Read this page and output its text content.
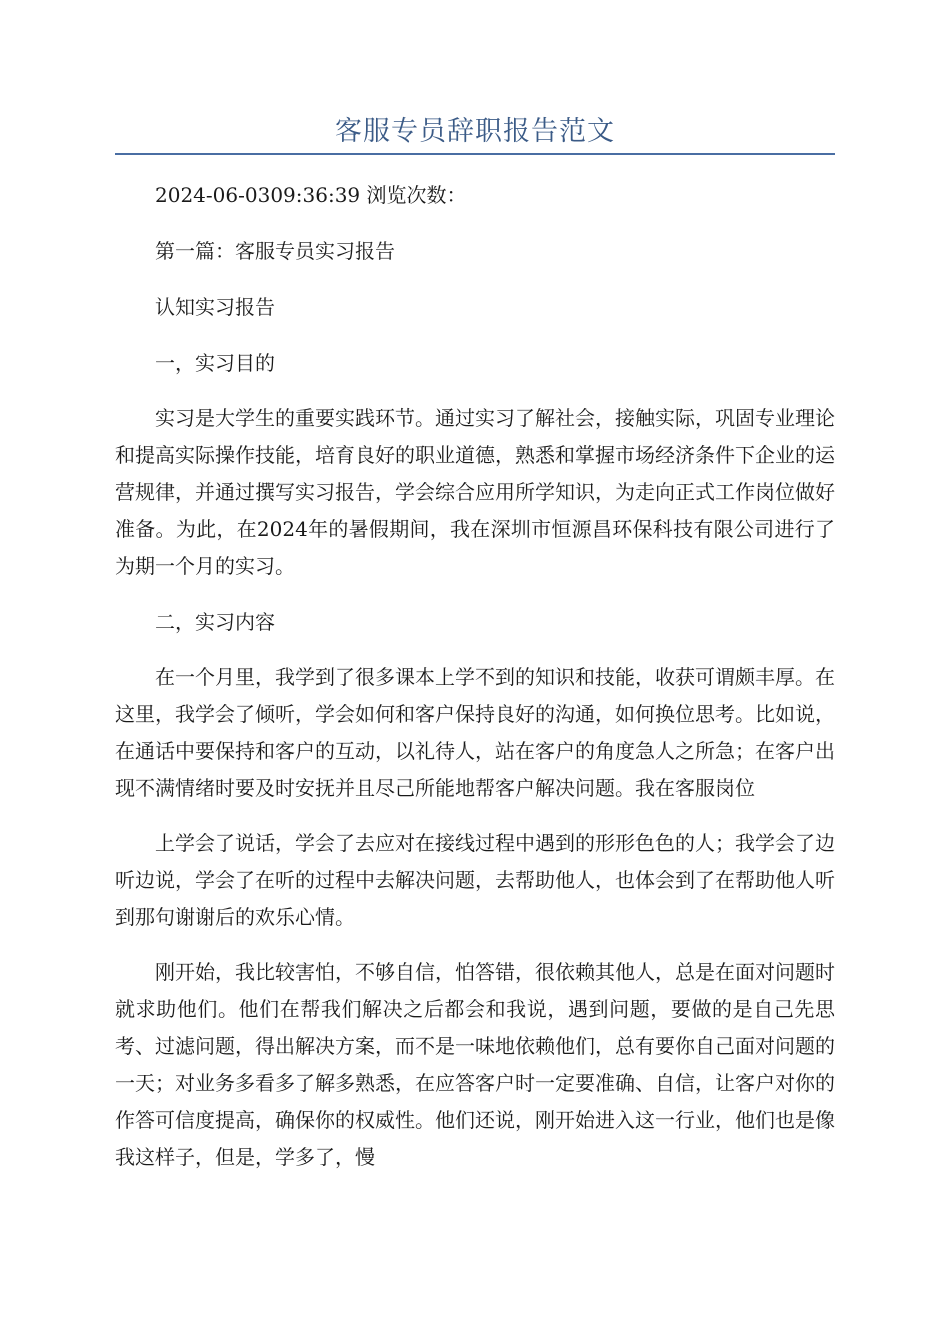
客服专员辞职报告范文

2024-06-0309:36:39 浏览次数：

第一篇：客服专员实习报告

认知实习报告

一，实习目的

实习是大学生的重要实践环节。通过实习了解社会，接触实际，巩固专业理论和提高实际操作技能，培育良好的职业道德，熟悉和掌握市场经济条件下企业的运营规律，并通过撰写实习报告，学会综合应用所学知识，为走向正式工作岗位做好准备。为此，在2024年的暑假期间，我在深圳市恒源昌环保科技有限公司进行了为期一个月的实习。

二，实习内容

在一个月里，我学到了很多课本上学不到的知识和技能，收获可谓颇丰厚。在这里，我学会了倾听，学会如何和客户保持良好的沟通，如何换位思考。比如说，在通话中要保持和客户的互动，以礼待人，站在客户的角度急人之所急；在客户出现不满情绪时要及时安抚并且尽己所能地帮客户解决问题。我在客服岗位

上学会了说话，学会了去应对在接线过程中遇到的形形色色的人；我学会了边听边说，学会了在听的过程中去解决问题，去帮助他人，也体会到了在帮助他人听到那句谢谢后的欢乐心情。

刚开始，我比较害怕，不够自信，怕答错，很依赖其他人，总是在面对问题时就求助他们。他们在帮我们解决之后都会和我说，遇到问题，要做的是自己先思考、过滤问题，得出解决方案，而不是一味地依赖他们，总有要你自己面对问题的一天；对业务多看多了解多熟悉，在应答客户时一定要准确、自信，让客户对你的作答可信度提高，确保你的权威性。他们还说，刚开始进入这一行业，他们也是像我这样子，但是，学多了，慢
